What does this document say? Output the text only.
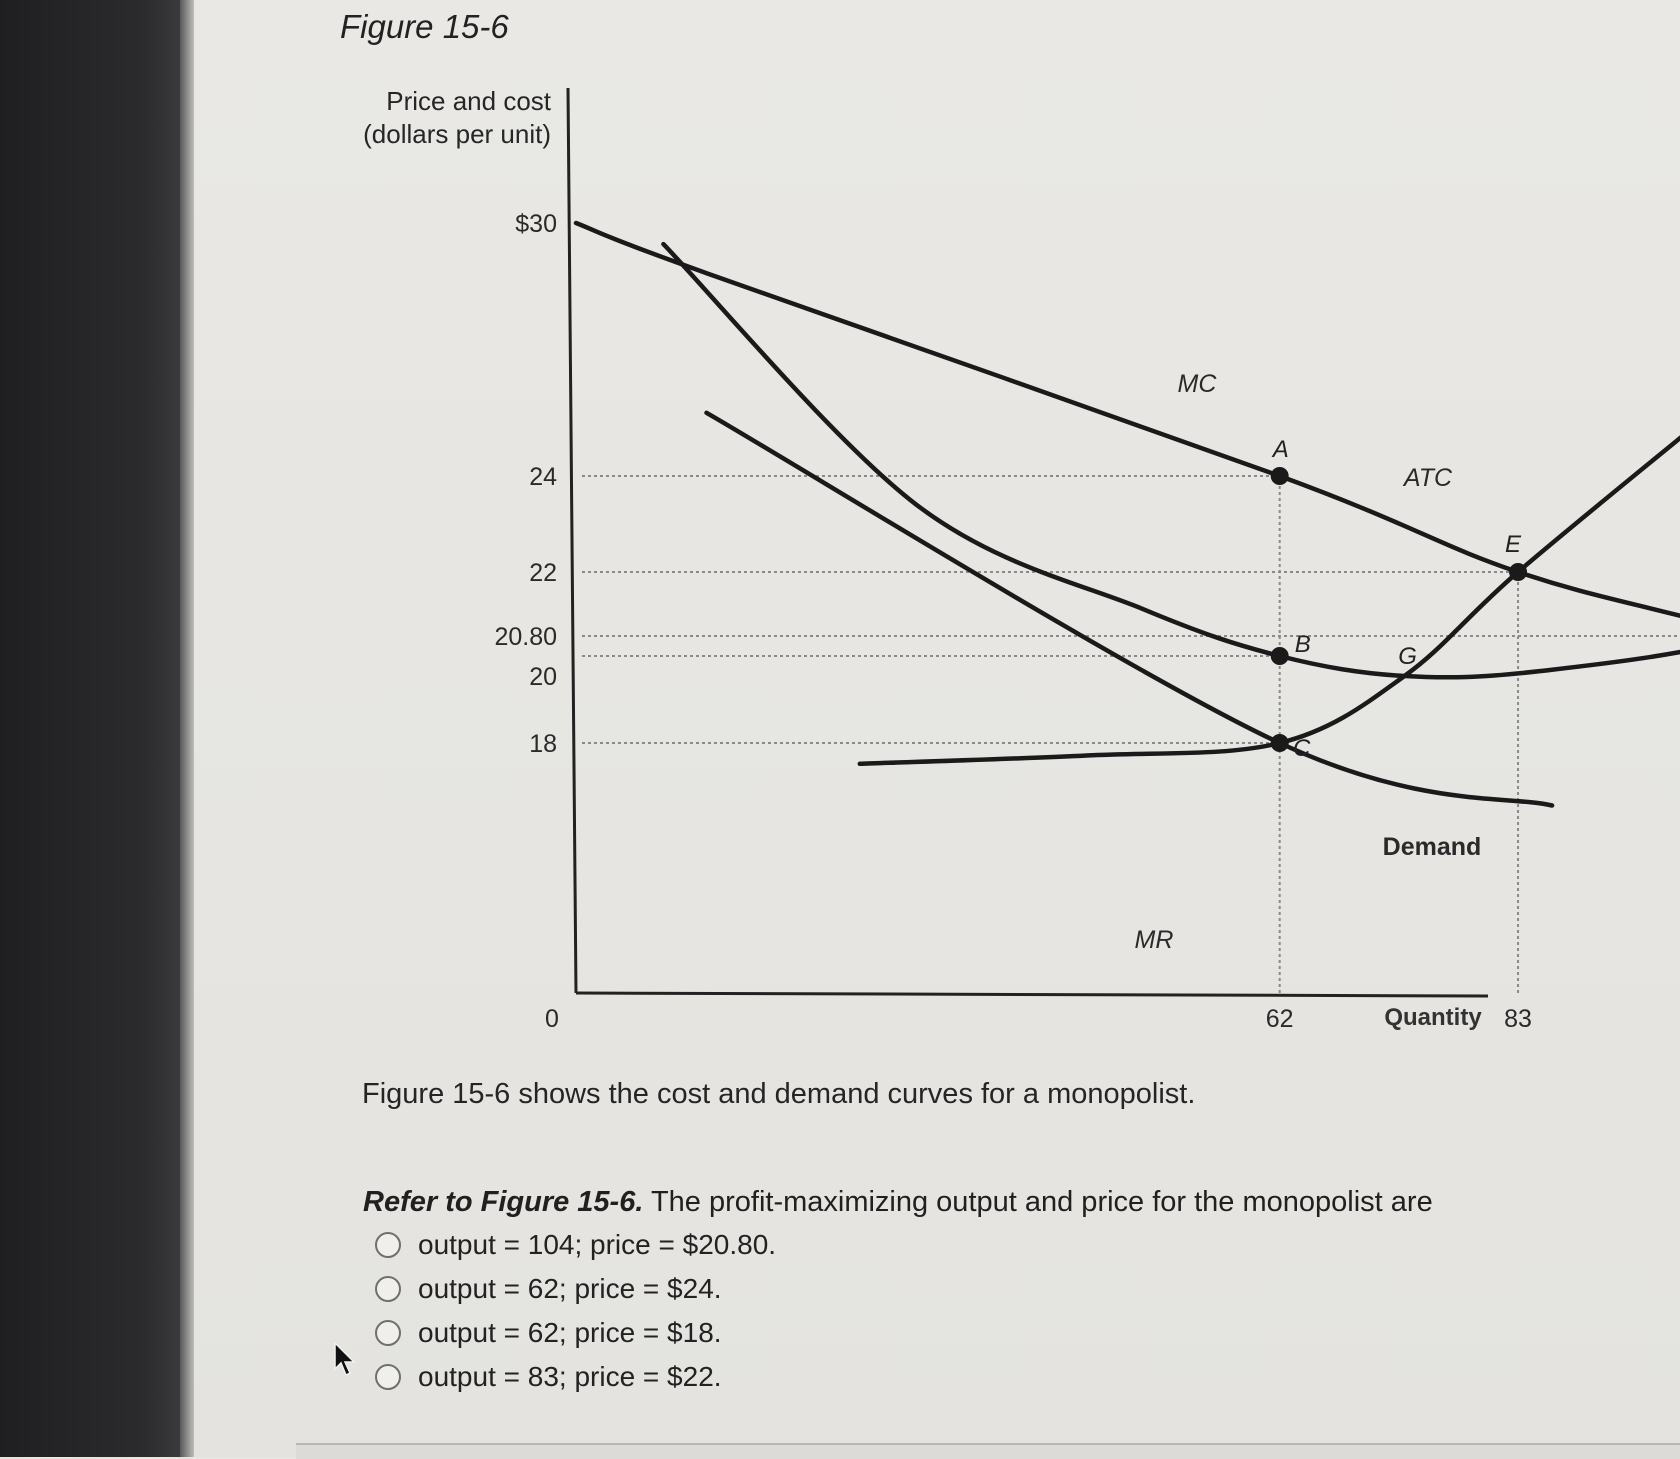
Figure 15-6
Price and cost
(dollars per unit)
$30
24
22
20.80
20
18
0	62	83
A
B
C
E
G
Demand
MR
ATC
MC
Quantity
Figure 15-6 shows the cost and demand curves for a monopolist.
Refer to Figure 15-6. The profit-maximizing output and price for the monopolist are
output = 104; price = $20.80.
output = 62; price = $24.
output = 62; price = $18.
output = 83; price = $22.
